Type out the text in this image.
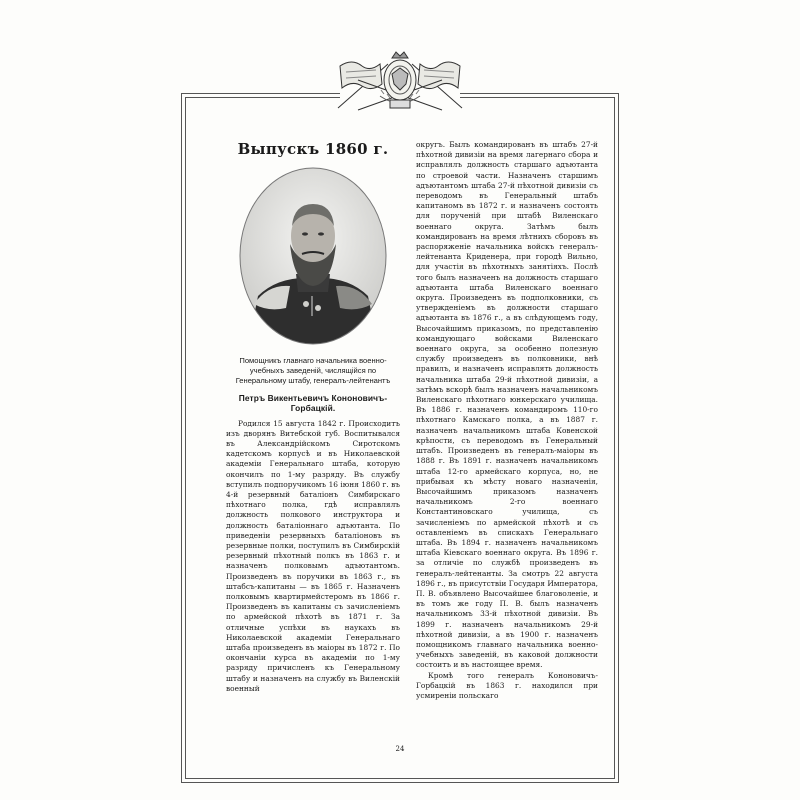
Выпускъ 1860 г.
Помощникъ главнаго начальника военно-учебныхъ заведеній, числящійся по Генеральному штабу, генералъ-лейтенантъ
Петръ Викентьевичъ Кононовичъ-Горбацкій.

Родился 15 августа 1842 г. Происходитъ изъ дворянъ Витебской губ. Воспитывался въ Александрійскомъ Сиротскомъ кадетскомъ корпусѣ и въ Николаевской академіи Генеральнаго штаба, которую окончилъ по 1-му разряду. Въ службу вступилъ подпоручикомъ 16 іюня 1860 г. въ 4-й резервный баталіонъ Симбирскаго пѣхотнаго полка, гдѣ исправлялъ должность полкового инструктора и должность баталіоннаго адъютанта. По приведеніи резервныхъ баталіоновъ въ резервные полки, поступилъ въ Симбирскій резервный пѣхотный полкъ въ 1863 г. и назначенъ полковымъ адъютантомъ. Произведенъ въ поручики въ 1863 г., въ штабсъ-капитаны — въ 1865 г. Назначенъ полковымъ квартирмейстеромъ въ 1866 г. Произведенъ въ капитаны съ зачисленіемъ по армейской пѣхотѣ въ 1871 г. За отличные успѣхи въ наукахъ въ Николаевской академіи Генеральнаго штаба произведенъ въ маіоры въ 1872 г. По окончаніи курса въ академіи по 1-му разряду причисленъ къ Генеральному штабу и назначенъ на службу въ Виленскій военный

округъ. Былъ командированъ въ штабъ 27-й пѣхотной дивизіи на время лагернаго сбора и исправлялъ должность старшаго адъютанта по строевой части. Назначенъ старшимъ адъютантомъ штаба 27-й пѣхотной дивизіи съ переводомъ въ Генеральный штабъ капитаномъ въ 1872 г. и назначенъ состоять для порученій при штабѣ Виленскаго военнаго округа. Затѣмъ былъ командированъ на время лѣтнихъ сборовъ въ распоряженіе начальника войскъ генералъ-лейтенанта Криденера, при городѣ Вильно, для участія въ пѣхотныхъ занятіяхъ. Послѣ того былъ назначенъ на должность старшаго адъютанта штаба Виленскаго военнаго округа. Произведенъ въ подполковники, съ утвержденіемъ въ должности старшаго адъютанта въ 1876 г., а въ слѣдующемъ году, Высочайшимъ приказомъ, по представленію командующаго войсками Виленскаго военнаго округа, за особенно полезную службу произведенъ въ полковники, внѣ правилъ, и назначенъ исправлять должность начальника штаба 29-й пѣхотной дивизіи, а затѣмъ вскорѣ былъ назначенъ начальникомъ Виленскаго пѣхотнаго юнкерскаго училища. Въ 1886 г. назначенъ командиромъ 110-го пѣхотнаго Камскаго полка, а въ 1887 г. назначенъ начальникомъ штаба Ковенской крѣпости, съ переводомъ въ Генеральный штабъ. Произведенъ въ генералъ-маіоры въ 1888 г. Въ 1891 г. назначенъ начальникомъ штаба 12-го армейскаго корпуса, но, не прибывая къ мѣсту новаго назначенія, Высочайшимъ приказомъ назначенъ начальникомъ 2-го военнаго Константиновскаго училища, съ зачисленіемъ по армейской пѣхотѣ и съ оставленіемъ въ спискахъ Генеральнаго штаба. Въ 1894 г. назначенъ начальникомъ штаба Кіевскаго военнаго округа. Въ 1896 г. за отличіе по службѣ произведенъ въ генералъ-лейтенанты. За смотръ 22 августа 1896 г., въ присутствіи Государя Императора, П. В. объявлено Высочайшее благоволеніе, и въ томъ же году П. В. былъ назначенъ начальникомъ 33-й пѣхотной дивизіи. Въ 1899 г. назначенъ начальникомъ 29-й пѣхотной дивизіи, а въ 1900 г. назначенъ помощникомъ главнаго начальника военно-учебныхъ заведеній, въ каковой должности состоитъ и въ настоящее время.

Кромѣ того генералъ Кононовичъ-Горбацкій въ 1863 г. находился при усмиреніи польскаго

24
